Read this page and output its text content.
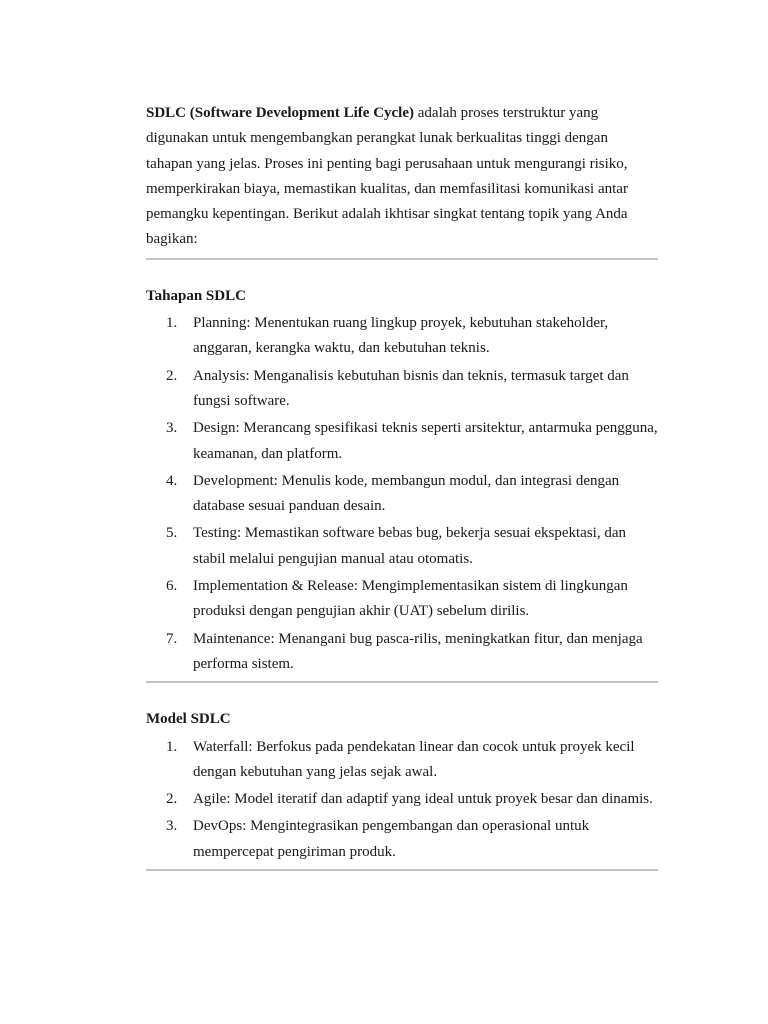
SDLC (Software Development Life Cycle) adalah proses terstruktur yang digunakan untuk mengembangkan perangkat lunak berkualitas tinggi dengan tahapan yang jelas. Proses ini penting bagi perusahaan untuk mengurangi risiko, memperkirakan biaya, memastikan kualitas, dan memfasilitasi komunikasi antar pemangku kepentingan. Berikut adalah ikhtisar singkat tentang topik yang Anda bagikan:

Tahapan SDLC
1.	Planning: Menentukan ruang lingkup proyek, kebutuhan stakeholder, anggaran, kerangka waktu, dan kebutuhan teknis.
2.	Analysis: Menganalisis kebutuhan bisnis dan teknis, termasuk target dan fungsi software.
3.	Design: Merancang spesifikasi teknis seperti arsitektur, antarmuka pengguna, keamanan, dan platform.
4.	Development: Menulis kode, membangun modul, dan integrasi dengan database sesuai panduan desain.
5.	Testing: Memastikan software bebas bug, bekerja sesuai ekspektasi, dan stabil melalui pengujian manual atau otomatis.
6.	Implementation & Release: Mengimplementasikan sistem di lingkungan produksi dengan pengujian akhir (UAT) sebelum dirilis.
7.	Maintenance: Menangani bug pasca-rilis, meningkatkan fitur, dan menjaga performa sistem.
Model SDLC
1.	Waterfall: Berfokus pada pendekatan linear dan cocok untuk proyek kecil dengan kebutuhan yang jelas sejak awal.
2.	Agile: Model iteratif dan adaptif yang ideal untuk proyek besar dan dinamis.
3.	DevOps: Mengintegrasikan pengembangan dan operasional untuk mempercepat pengiriman produk.
